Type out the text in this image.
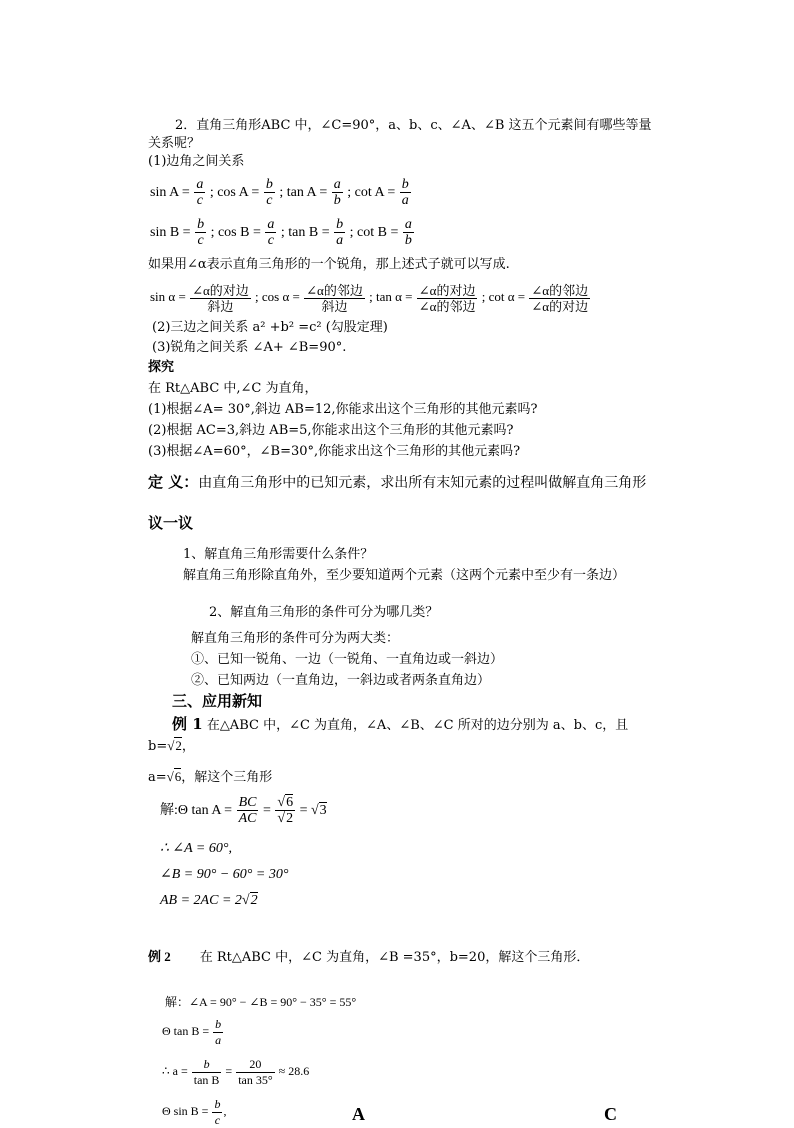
2．直角三角形ABC 中，∠C=90°，a、b、c、∠A、∠B 这五个元素间有哪些等量
关系呢？
(1)边角之间关系
$\sin A = \frac{a}{c}$ ; $\cos A = \frac{b}{c}$ ; $\tan A = \frac{a}{b}$ ; $\cot A = \frac{b}{a}$
$\sin B = \frac{b}{c}$ ; $\cos B = \frac{a}{c}$ ; $\tan B = \frac{b}{a}$ ; $\cot B = \frac{a}{b}$
如果用∠α表示直角三角形的一个锐角，那上述式子就可以写成.
$\sin \alpha = \frac{\text{∠α的对边}}{\text{斜边}}$ ; $\cos \alpha = \frac{\text{∠α的邻边}}{\text{斜边}}$ ; $\tan \alpha = \frac{\text{∠α的对边}}{\text{∠α的邻边}}$ ; $\cot \alpha = \frac{\text{∠α的邻边}}{\text{∠α的对边}}$
(2)三边之间关系 a² +b² =c² (勾股定理)
(3)锐角之间关系 ∠A+ ∠B=90°.
探究
在 Rt△ABC 中,∠C 为直角，
(1)根据∠A= 30°,斜边 AB=12,你能求出这个三角形的其他元素吗?
(2)根据 AC=3,斜边 AB=5,你能求出这个三角形的其他元素吗?
(3)根据∠A=60°，∠B=30°,你能求出这个三角形的其他元素吗?
定 义：由直角三角形中的已知元素，求出所有末知元素的过程叫做解直角三角形
议一议
1、解直角三角形需要什么条件？
解直角三角形除直角外，至少要知道两个元素（这两个元素中至少有一条边）
2、解直角三角形的条件可分为哪几类？
解直角三角形的条件可分为两大类：
①、已知一锐角、一边（一锐角、一直角边或一斜边）
②、已知两边（一直角边，一斜边或者两条直角边）
三、应用新知
例 1 在△ABC 中，∠C 为直角，∠A、∠B、∠C 所对的边分别为 a、b、c，且
b=√2，
a=√6，解这个三角形
解:Θ $\tan A = \frac{BC}{AC} = \frac{√6}{√2} = √3$
∴ ∠A = 60°,
∠B = 90° − 60° = 30°
AB = 2AC = 2√2
例 2 在 Rt△ABC 中，∠C 为直角，∠B =35°，b=20，解这个三角形．
解：∠A = 90° − ∠B = 90° − 35° = 55°
Θ $\tan B = \frac{b}{a}$
∴ $a = \frac{b}{\text{tan B}} = \frac{20}{\tan 35^\circ} \approx 28.6$
Θ $\sin B = \frac{b}{c}$ ,	A	C
